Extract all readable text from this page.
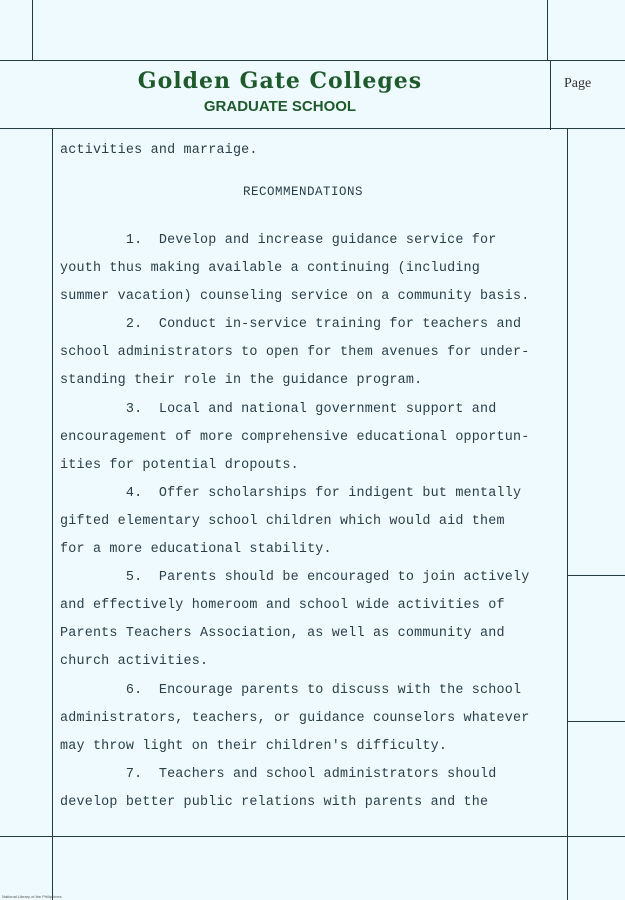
Golden Gate Colleges
GRADUATE SCHOOL
Page
activities and marraige.
RECOMMENDATIONS
1.  Develop and increase guidance service for
youth thus making available a continuing (including
summer vacation) counseling service on a community basis.
2.  Conduct in-service training for teachers and
school administrators to open for them avenues for under-
standing their role in the guidance program.
3.  Local and national government support and
encouragement of more comprehensive educational opportun-
ities for potential dropouts.
4.  Offer scholarships for indigent but mentally
gifted elementary school children which would aid them
for a more educational stability.
5.  Parents should be encouraged to join actively
and effectively homeroom and school wide activities of
Parents Teachers Association, as well as community and
church activities.
6.  Encourage parents to discuss with the school
administrators, teachers, or guidance counselors whatever
may throw light on their children's difficulty.
7.  Teachers and school administrators should
develop better public relations with parents and the
National Library of the Philippines
